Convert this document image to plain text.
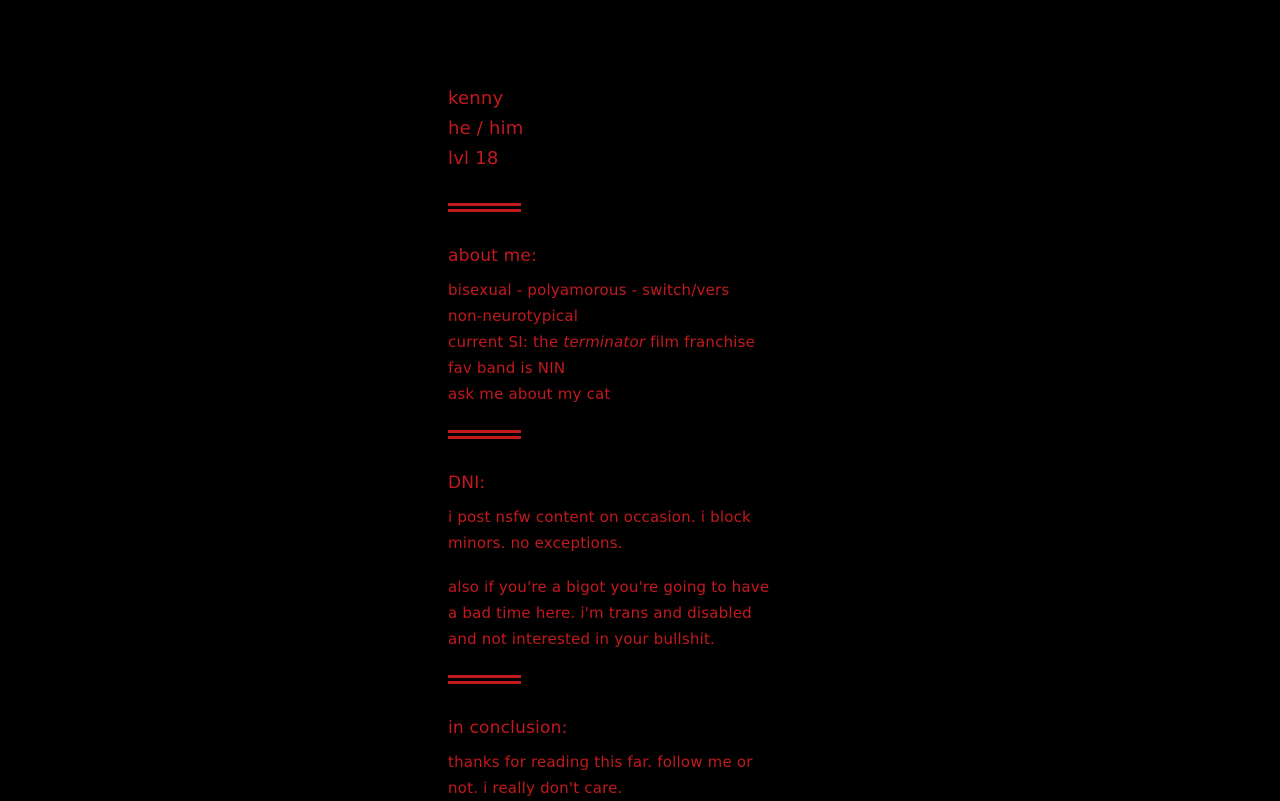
kenny
he / him
lvl 18
about me:
bisexual - polyamorous - switch/vers
non-neurotypical
current SI: the terminator film franchise
fav band is NIN
ask me about my cat
DNI:
i post nsfw content on occasion. i block
minors. no exceptions.
also if you're a bigot you're going to have
a bad time here. i'm trans and disabled
and not interested in your bullshit.
in conclusion:
thanks for reading this far. follow me or
not. i really don't care.
